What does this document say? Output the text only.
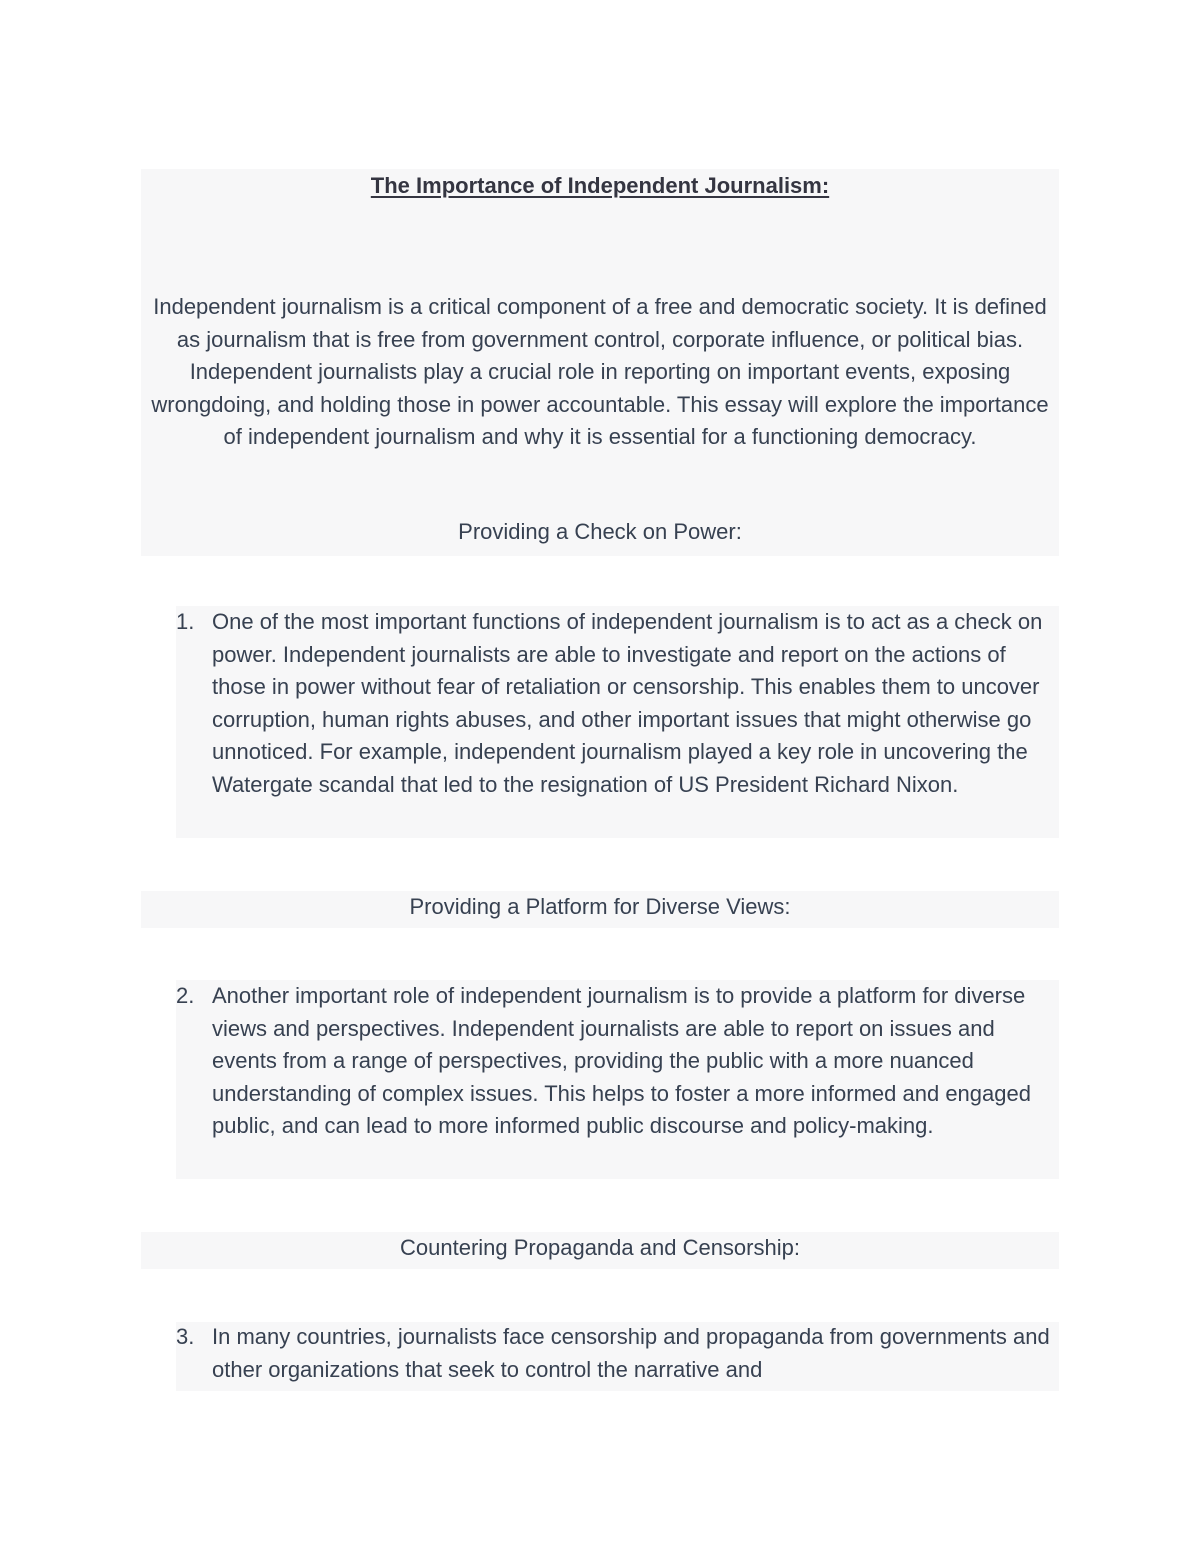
The Importance of Independent Journalism:
Independent journalism is a critical component of a free and democratic society. It is defined as journalism that is free from government control, corporate influence, or political bias. Independent journalists play a crucial role in reporting on important events, exposing wrongdoing, and holding those in power accountable. This essay will explore the importance of independent journalism and why it is essential for a functioning democracy.
Providing a Check on Power:
1. One of the most important functions of independent journalism is to act as a check on power. Independent journalists are able to investigate and report on the actions of those in power without fear of retaliation or censorship. This enables them to uncover corruption, human rights abuses, and other important issues that might otherwise go unnoticed. For example, independent journalism played a key role in uncovering the Watergate scandal that led to the resignation of US President Richard Nixon.
Providing a Platform for Diverse Views:
2. Another important role of independent journalism is to provide a platform for diverse views and perspectives. Independent journalists are able to report on issues and events from a range of perspectives, providing the public with a more nuanced understanding of complex issues. This helps to foster a more informed and engaged public, and can lead to more informed public discourse and policy-making.
Countering Propaganda and Censorship:
3. In many countries, journalists face censorship and propaganda from governments and other organizations that seek to control the narrative and
